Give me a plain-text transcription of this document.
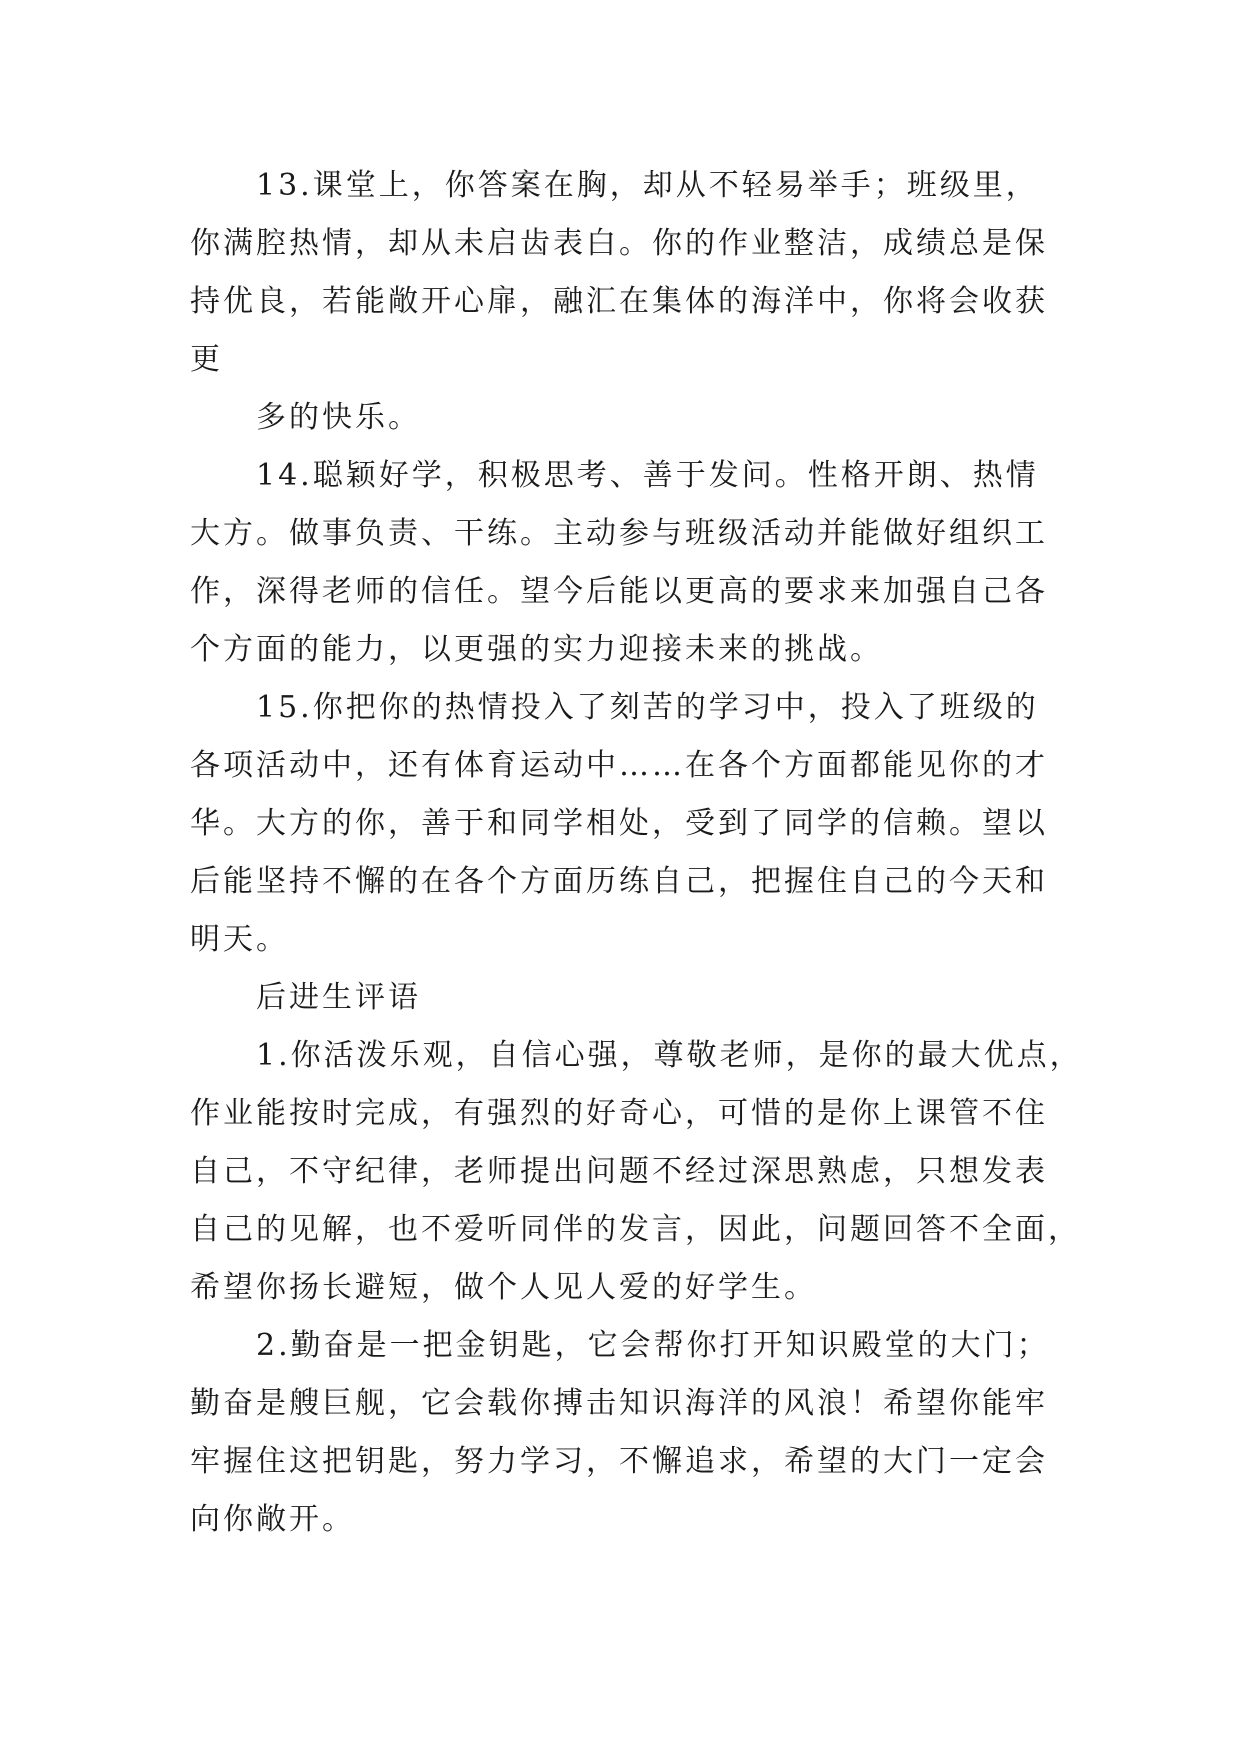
13.课堂上，你答案在胸，却从不轻易举手；班级里，

你满腔热情，却从未启齿表白。你的作业整洁，成绩总是保

持优良，若能敞开心扉，融汇在集体的海洋中，你将会收获

更

多的快乐。

14.聪颖好学，积极思考、善于发问。性格开朗、热情

大方。做事负责、干练。主动参与班级活动并能做好组织工

作，深得老师的信任。望今后能以更高的要求来加强自己各

个方面的能力，以更强的实力迎接未来的挑战。

15.你把你的热情投入了刻苦的学习中，投入了班级的

各项活动中，还有体育运动中……在各个方面都能见你的才

华。大方的你，善于和同学相处，受到了同学的信赖。望以

后能坚持不懈的在各个方面历练自己，把握住自己的今天和

明天。

后进生评语

1.你活泼乐观，自信心强，尊敬老师，是你的最大优点，

作业能按时完成，有强烈的好奇心，可惜的是你上课管不住

自己，不守纪律，老师提出问题不经过深思熟虑，只想发表

自己的见解，也不爱听同伴的发言，因此，问题回答不全面，

希望你扬长避短，做个人见人爱的好学生。

2.勤奋是一把金钥匙，它会帮你打开知识殿堂的大门；

勤奋是艘巨舰，它会载你搏击知识海洋的风浪！希望你能牢

牢握住这把钥匙，努力学习，不懈追求，希望的大门一定会

向你敞开。
